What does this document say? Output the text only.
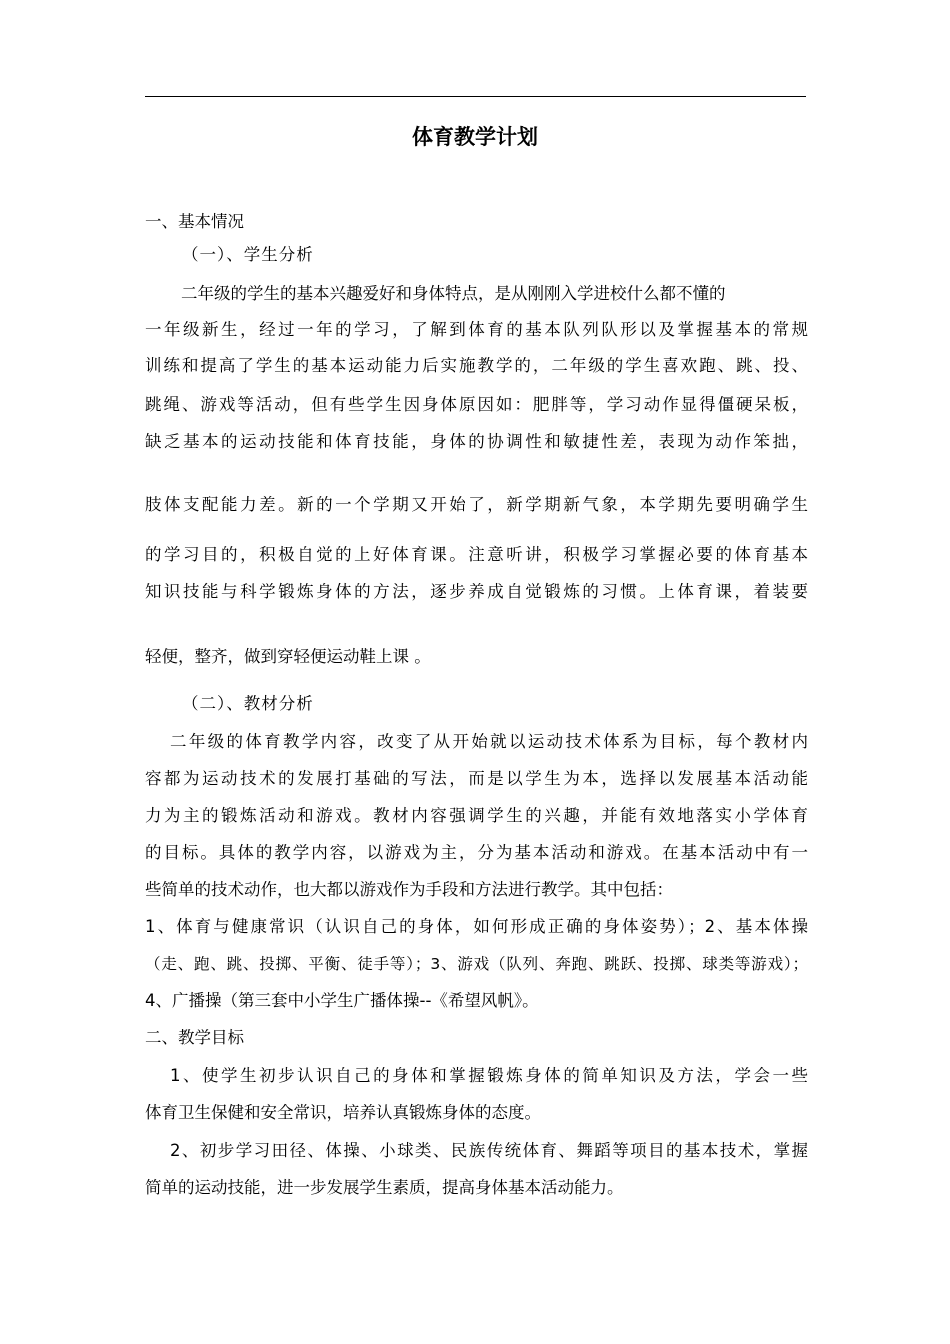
体育教学计划
一、基本情况
（一）、学生分析
二年级的学生的基本兴趣爱好和身体特点，是从刚刚入学进校什么都不懂的
一年级新生，经过一年的学习，了解到体育的基本队列队形以及掌握基本的常规
训练和提高了学生的基本运动能力后实施教学的，二年级的学生喜欢跑、跳、投、
跳绳、游戏等活动，但有些学生因身体原因如：肥胖等，学习动作显得僵硬呆板，
缺乏基本的运动技能和体育技能，身体的协调性和敏捷性差，表现为动作笨拙，
肢体支配能力差。新的一个学期又开始了，新学期新气象，本学期先要明确学生
的学习目的，积极自觉的上好体育课。注意听讲，积极学习掌握必要的体育基本
知识技能与科学锻炼身体的方法，逐步养成自觉锻炼的习惯。上体育课，着装要
轻便，整齐，做到穿轻便运动鞋上课 。
（二）、教材分析
二年级的体育教学内容，改变了从开始就以运动技术体系为目标，每个教材内
容都为运动技术的发展打基础的写法，而是以学生为本，选择以发展基本活动能
力为主的锻炼活动和游戏。教材内容强调学生的兴趣，并能有效地落实小学体育
的目标。具体的教学内容，以游戏为主，分为基本活动和游戏。在基本活动中有一
些简单的技术动作，也大都以游戏作为手段和方法进行教学。其中包括：
1、体育与健康常识（认识自己的身体，如何形成正确的身体姿势）；2、基本体操
（走、跑、跳、投掷、平衡、徒手等）；3、游戏（队列、奔跑、跳跃、投掷、球类等游戏）；
4、广播操（第三套中小学生广播体操--《希望风帆》。
二、教学目标
1、使学生初步认识自己的身体和掌握锻炼身体的简单知识及方法，学会一些
体育卫生保健和安全常识，培养认真锻炼身体的态度。
2、初步学习田径、体操、小球类、民族传统体育、舞蹈等项目的基本技术，掌握
简单的运动技能，进一步发展学生素质，提高身体基本活动能力。
